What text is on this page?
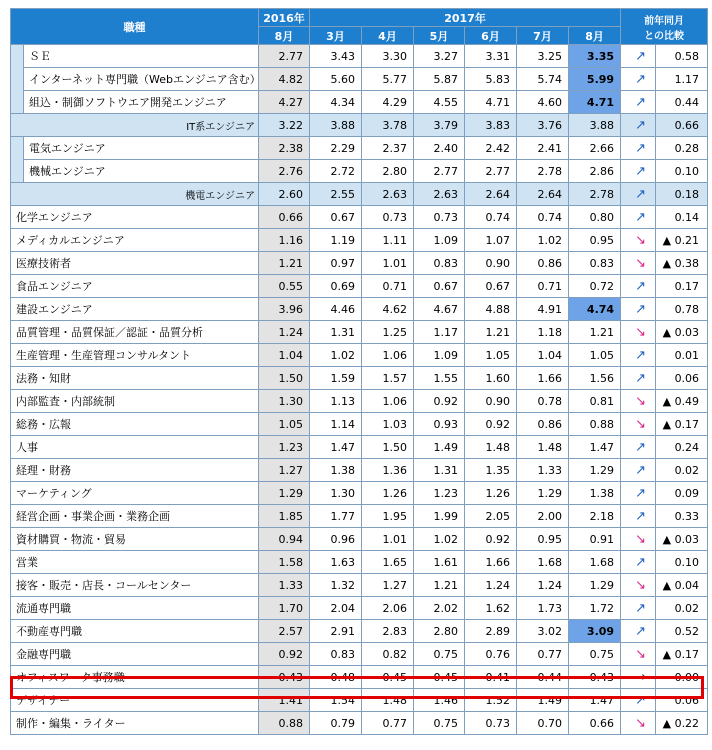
職種		2016年	2017年						前年同月
との比較	
		8月	3月	4月	5月	6月	7月	8月		
	ＳＥ	2.77	3.43	3.30	3.27	3.31	3.25	3.35	↗	0.58
	インターネット専門職（Webエンジニア含む）	4.82	5.60	5.77	5.87	5.83	5.74	5.99	↗	1.17
	組込・制御ソフトウエア開発エンジニア	4.27	4.34	4.29	4.55	4.71	4.60	4.71	↗	0.44
IT系エンジニア		3.22	3.88	3.78	3.79	3.83	3.76	3.88	↗	0.66
	電気エンジニア	2.38	2.29	2.37	2.40	2.42	2.41	2.66	↗	0.28
	機械エンジニア	2.76	2.72	2.80	2.77	2.77	2.78	2.86	↗	0.10
機電エンジニア		2.60	2.55	2.63	2.63	2.64	2.64	2.78	↗	0.18
化学エンジニア		0.66	0.67	0.73	0.73	0.74	0.74	0.80	↗	0.14
メディカルエンジニア		1.16	1.19	1.11	1.09	1.07	1.02	0.95	↘	▲ 0.21
医療技術者		1.21	0.97	1.01	0.83	0.90	0.86	0.83	↘	▲ 0.38
食品エンジニア		0.55	0.69	0.71	0.67	0.67	0.71	0.72	↗	0.17
建設エンジニア		3.96	4.46	4.62	4.67	4.88	4.91	4.74	↗	0.78
品質管理・品質保証／認証・品質分析		1.24	1.31	1.25	1.17	1.21	1.18	1.21	↘	▲ 0.03
生産管理・生産管理コンサルタント		1.04	1.02	1.06	1.09	1.05	1.04	1.05	↗	0.01
法務・知財		1.50	1.59	1.57	1.55	1.60	1.66	1.56	↗	0.06
内部監査・内部統制		1.30	1.13	1.06	0.92	0.90	0.78	0.81	↘	▲ 0.49
総務・広報		1.05	1.14	1.03	0.93	0.92	0.86	0.88	↘	▲ 0.17
人事		1.23	1.47	1.50	1.49	1.48	1.48	1.47	↗	0.24
経理・財務		1.27	1.38	1.36	1.31	1.35	1.33	1.29	↗	0.02
マーケティング		1.29	1.30	1.26	1.23	1.26	1.29	1.38	↗	0.09
経営企画・事業企画・業務企画		1.85	1.77	1.95	1.99	2.05	2.00	2.18	↗	0.33
資材購買・物流・貿易		0.94	0.96	1.01	1.02	0.92	0.95	0.91	↘	▲ 0.03
営業		1.58	1.63	1.65	1.61	1.66	1.68	1.68	↗	0.10
接客・販売・店長・コールセンター		1.33	1.32	1.27	1.21	1.24	1.24	1.29	↘	▲ 0.04
流通専門職		1.70	2.04	2.06	2.02	1.62	1.73	1.72	↗	0.02
不動産専門職		2.57	2.91	2.83	2.80	2.89	3.02	3.09	↗	0.52
金融専門職		0.92	0.83	0.82	0.75	0.76	0.77	0.75	↘	▲ 0.17
オフィスワーク事務職		0.43	0.48	0.45	0.45	0.41	0.44	0.43	→	0.00
デザイナー		1.41	1.54	1.48	1.46	1.52	1.49	1.47	↗	0.06
制作・編集・ライター		0.88	0.79	0.77	0.75	0.73	0.70	0.66	↘	▲ 0.22
